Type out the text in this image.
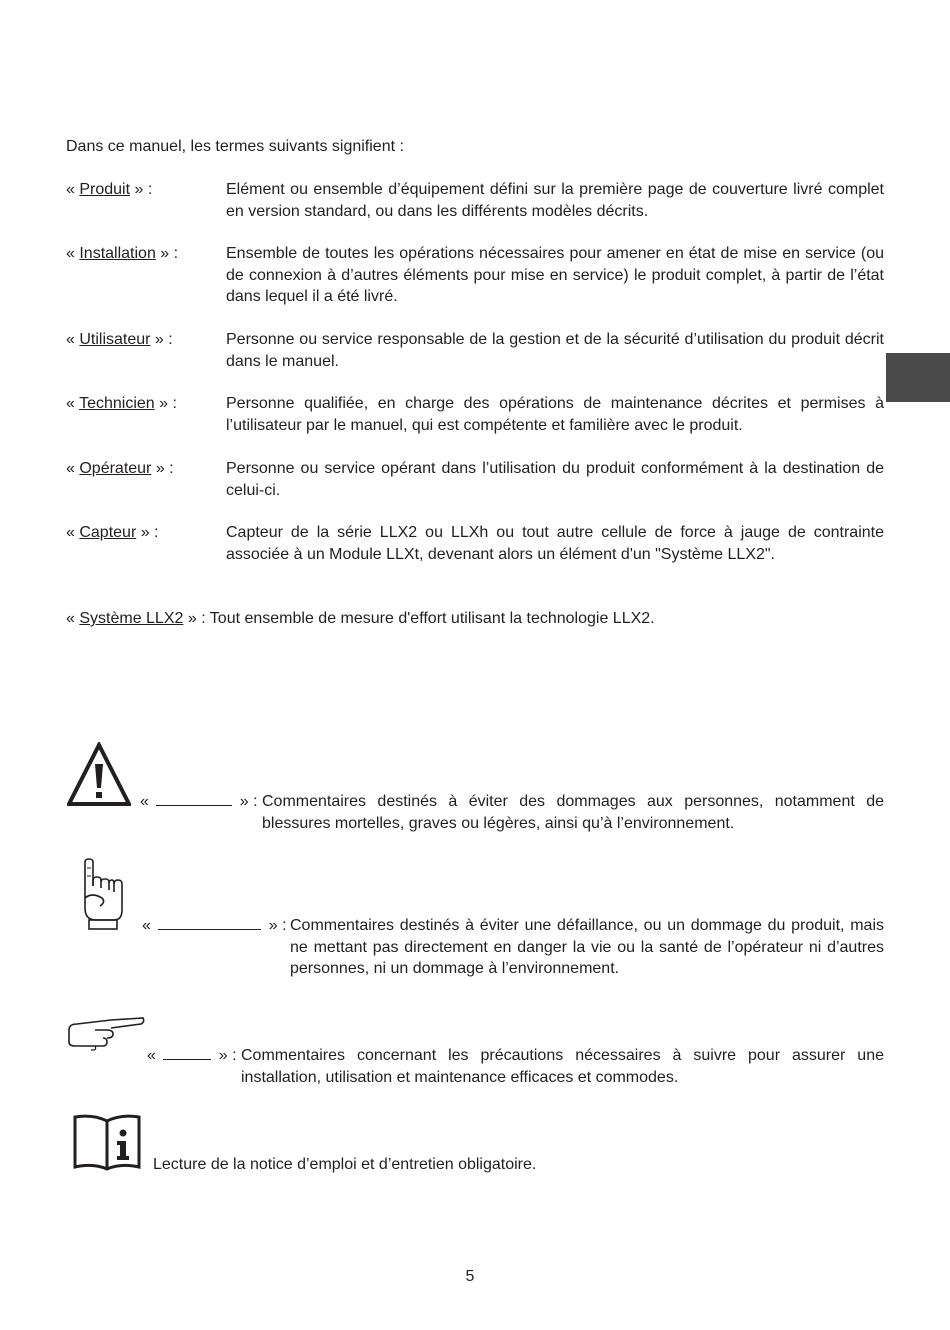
Dans ce manuel, les termes suivants signifient :
« Produit » :	Elément ou ensemble d’équipement défini sur la première page de couverture livré complet en version standard, ou dans les différents modèles décrits.
« Installation » :	Ensemble de toutes les opérations nécessaires pour amener en état de mise en service (ou de connexion à d’autres éléments pour mise en service) le produit complet, à partir de l’état dans lequel il a été livré.
« Utilisateur » :	Personne ou service responsable de la gestion et de la sécurité d’utilisation du produit décrit dans le manuel.
« Technicien » :	Personne qualifiée, en charge des opérations de maintenance décrites et permises à l’utilisateur par le manuel, qui est compétente et familière avec le produit.
« Opérateur » :	Personne ou service opérant dans l’utilisation du produit conformément à la destination de celui-ci.
« Capteur » :	Capteur de la série LLX2 ou LLXh ou tout autre cellule de force à jauge de contrainte associée à un Module LLXt, devenant alors un élément d'un "Système LLX2".
« Système LLX2 » : Tout ensemble de mesure d'effort utilisant la technologie LLX2.
«	» : Commentaires destinés à éviter des dommages aux personnes, notamment de blessures mortelles, graves ou légères, ainsi qu’à l’environnement.
«	» : Commentaires destinés à éviter une défaillance, ou un dommage du produit, mais ne mettant pas directement en danger la vie ou la santé de l’opérateur ni d’autres personnes, ni un dommage à l’environnement.
«	» : Commentaires concernant les précautions nécessaires à suivre pour assurer une installation, utilisation et maintenance efficaces et commodes.
Lecture de la notice d’emploi et d’entretien obligatoire.
5
